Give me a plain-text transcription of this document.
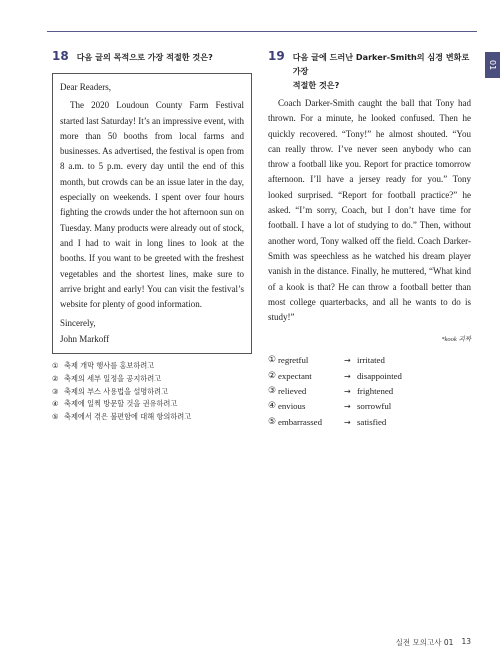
01
18 다음 글의 목적으로 가장 적절한 것은?

Dear Readers,

The 2020 Loudoun County Farm Festival started last Saturday! It’s an impressive event, with more than 50 booths from local farms and businesses. As advertised, the festival is open from 8 a.m. to 5 p.m. every day until the end of this month, but crowds can be an issue later in the day, especially on weekends. I spent over four hours fighting the crowds under the hot afternoon sun on Tuesday. Many products were already out of stock, and I had to wait in long lines to look at the booths. If you want to be greeted with the freshest vegetables and the shortest lines, make sure to arrive bright and early! You can visit the festival’s website for plenty of good information.

Sincerely,

John Markoff

① 축제 개막 행사를 홍보하려고
② 축제의 세부 일정을 공지하려고
③ 축제의 부스 사용법을 설명하려고
④ 축제에 일찍 방문할 것을 권유하려고
⑤ 축제에서 겪은 불편함에 대해 항의하려고
19 다음 글에 드러난 Darker-Smith의 심경 변화로 가장
적절한 것은?

Coach Darker-Smith caught the ball that Tony had thrown. For a minute, he looked confused. Then he quickly recovered. “Tony!” he almost shouted. “You can really throw. I’ve never seen anybody who can throw a football like you. Report for practice tomorrow afternoon. I’ll have a jersey ready for you.” Tony looked surprised. “Report for football practice?” he asked. “I’m sorry, Coach, but I don’t have time for football. I have a lot of studying to do.” Then, without another word, Tony walked off the field. Coach Darker-Smith was speechless as he watched his dream player vanish in the distance. Finally, he muttered, “What kind of a kook is that? He can throw a football better than most college quarterbacks, and all he wants to do is study!”

*kook 괴짜
① regretful	→ irritated
② expectant	→ disappointed
③ relieved	→ frightened
④ envious	→ sorrowful
⑤ embarrassed	→ satisfied
실전 모의고사 01 13
